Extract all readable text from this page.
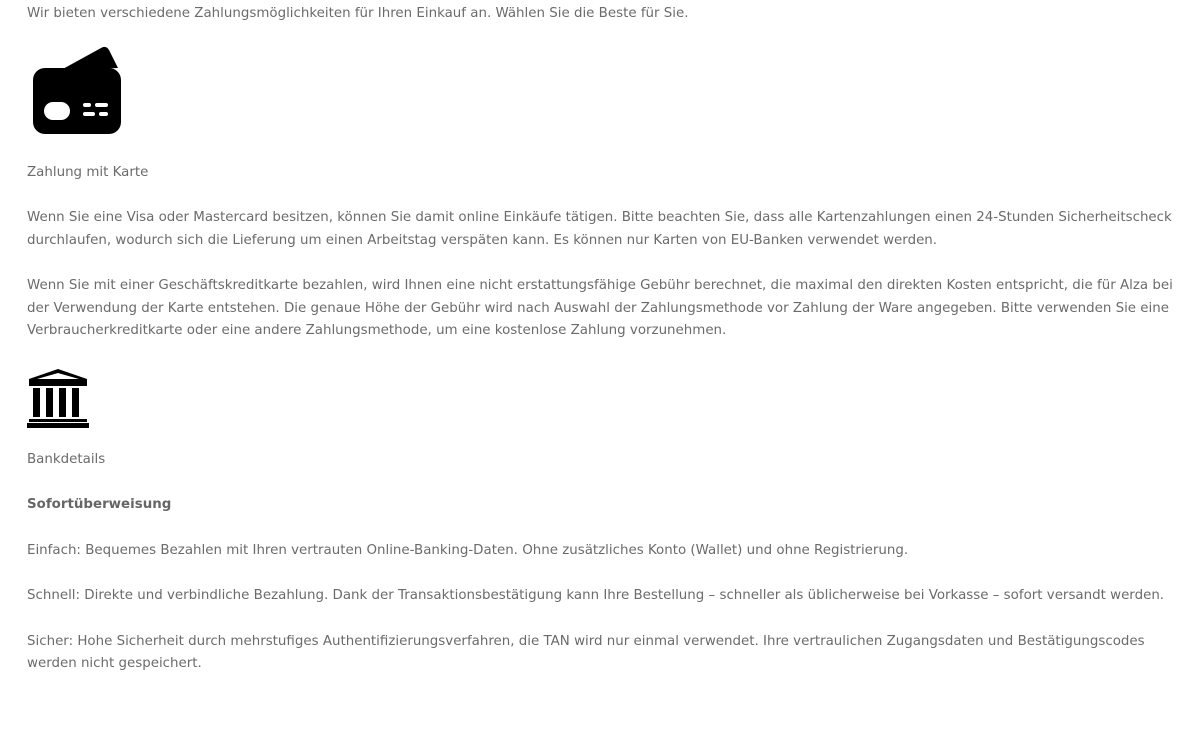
Wir bieten verschiedene Zahlungsmöglichkeiten für Ihren Einkauf an. Wählen Sie die Beste für Sie.

Zahlung mit Karte

Wenn Sie eine Visa oder Mastercard besitzen, können Sie damit online Einkäufe tätigen. Bitte beachten Sie, dass alle Kartenzahlungen einen 24-Stunden Sicherheitscheck durchlaufen, wodurch sich die Lieferung um einen Arbeitstag verspäten kann. Es können nur Karten von EU-Banken verwendet werden.

Wenn Sie mit einer Geschäftskreditkarte bezahlen, wird Ihnen eine nicht erstattungsfähige Gebühr berechnet, die maximal den direkten Kosten entspricht, die für Alza bei der Verwendung der Karte entstehen. Die genaue Höhe der Gebühr wird nach Auswahl der Zahlungsmethode vor Zahlung der Ware angegeben. Bitte verwenden Sie eine Verbraucherkreditkarte oder eine andere Zahlungsmethode, um eine kostenlose Zahlung vorzunehmen.

Bankdetails

Sofortüberweisung

Einfach: Bequemes Bezahlen mit Ihren vertrauten Online-Banking-Daten. Ohne zusätzliches Konto (Wallet) und ohne Registrierung.

Schnell: Direkte und verbindliche Bezahlung. Dank der Transaktionsbestätigung kann Ihre Bestellung – schneller als üblicherweise bei Vorkasse – sofort versandt werden.

Sicher: Hohe Sicherheit durch mehrstufiges Authentifizierungsverfahren, die TAN wird nur einmal verwendet. Ihre vertraulichen Zugangsdaten und Bestätigungscodes werden nicht gespeichert.
